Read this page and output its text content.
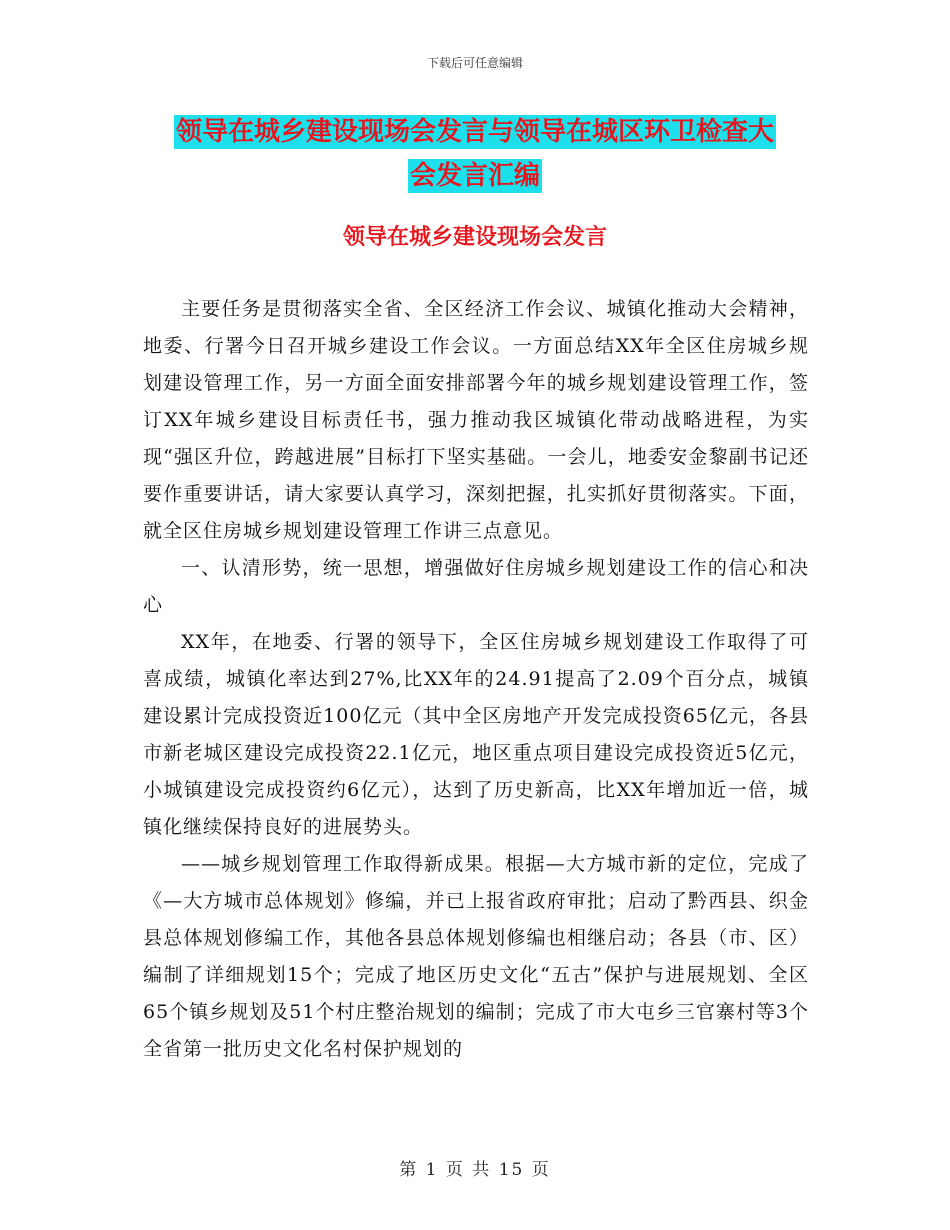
下载后可任意编辑
领导在城乡建设现场会发言与领导在城区环卫检查大
会发言汇编
领导在城乡建设现场会发言

主要任务是贯彻落实全省、全区经济工作会议、城镇化推动大会精神，地委、行署今日召开城乡建设工作会议。一方面总结XX年全区住房城乡规划建设管理工作，另一方面全面安排部署今年的城乡规划建设管理工作，签订XX年城乡建设目标责任书，强力推动我区城镇化带动战略进程，为实现“强区升位，跨越进展”目标打下坚实基础。一会儿，地委安金黎副书记还要作重要讲话，请大家要认真学习，深刻把握，扎实抓好贯彻落实。下面，就全区住房城乡规划建设管理工作讲三点意见。

一、认清形势，统一思想，增强做好住房城乡规划建设工作的信心和决心

XX年，在地委、行署的领导下，全区住房城乡规划建设工作取得了可喜成绩，城镇化率达到27%,比XX年的24.91提高了2.09个百分点，城镇建设累计完成投资近100亿元（其中全区房地产开发完成投资65亿元，各县市新老城区建设完成投资22.1亿元，地区重点项目建设完成投资近5亿元，小城镇建设完成投资约6亿元），达到了历史新高，比XX年增加近一倍，城镇化继续保持良好的进展势头。

——城乡规划管理工作取得新成果。根据—大方城市新的定位，完成了《—大方城市总体规划》修编，并已上报省政府审批；启动了黔西县、织金县总体规划修编工作，其他各县总体规划修编也相继启动；各县（市、区）编制了详细规划15个；完成了地区历史文化“五古”保护与进展规划、全区65个镇乡规划及51个村庄整治规划的编制；完成了市大屯乡三官寨村等3个全省第一批历史文化名村保护规划的

第 1 页 共 15 页
